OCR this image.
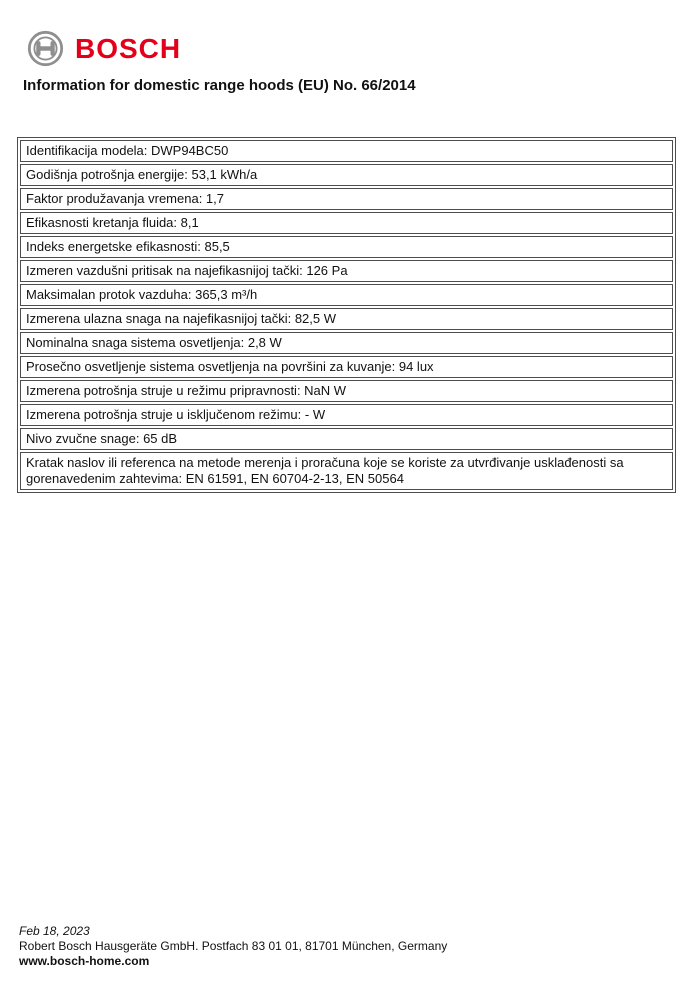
BOSCH
Information for domestic range hoods (EU) No. 66/2014
Identifikacija modela: DWP94BC50
Godišnja potrošnja energije: 53,1 kWh/a
Faktor produžavanja vremena: 1,7
Efikasnosti kretanja fluida: 8,1
Indeks energetske efikasnosti: 85,5
Izmeren vazdušni pritisak na najefikasnijoj tački: 126 Pa
Maksimalan protok vazduha: 365,3 m³/h
Izmerena ulazna snaga na najefikasnijoj tački: 82,5 W
Nominalna snaga sistema osvetljenja: 2,8 W
Prosečno osvetljenje sistema osvetljenja na površini za kuvanje: 94 lux
Izmerena potrošnja struje u režimu pripravnosti: NaN W
Izmerena potrošnja struje u isključenom režimu: - W
Nivo zvučne snage: 65 dB
Kratak naslov ili referenca na metode merenja i proračuna koje se koriste za utvrđivanje usklađenosti sa gorenavedenim zahtevima: EN 61591, EN 60704-2-13, EN 50564
Feb 18, 2023
Robert Bosch Hausgeräte GmbH. Postfach 83 01 01, 81701 München, Germany
www.bosch-home.com
